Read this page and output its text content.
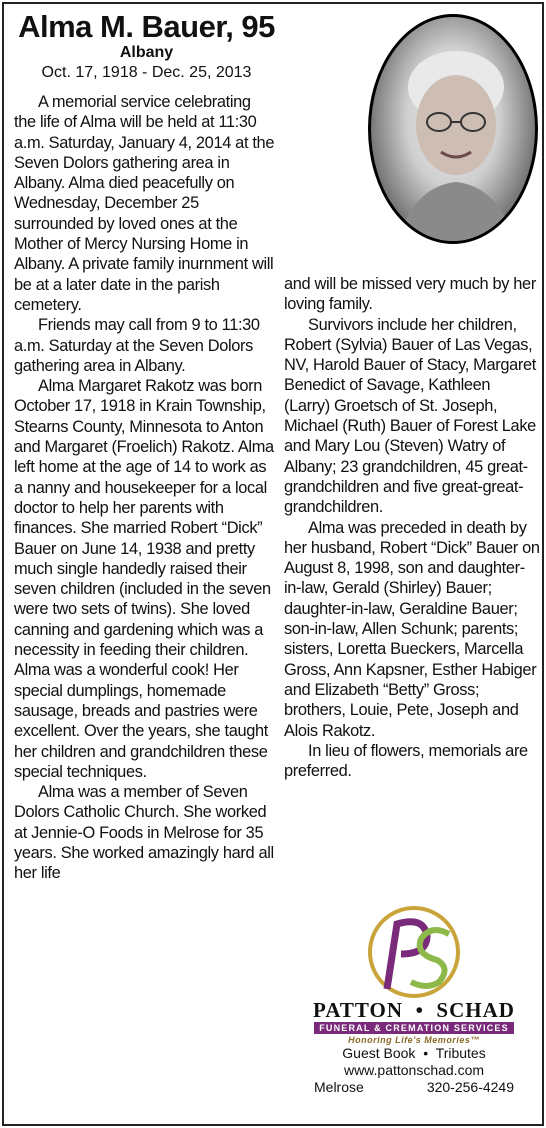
Alma M. Bauer, 95
Albany
Oct. 17, 1918 - Dec. 25, 2013

A memorial service celebrating the life of Alma will be held at 11:30 a.m. Saturday, January 4, 2014 at the Seven Dolors gathering area in Albany. Alma died peacefully on Wednesday, December 25 surrounded by loved ones at the Mother of Mercy Nursing Home in Albany. A private family inurnment will be at a later date in the parish cemetery.

Friends may call from 9 to 11:30 a.m. Saturday at the Seven Dolors gathering area in Albany.

Alma Margaret Rakotz was born October 17, 1918 in Krain Township, Stearns County, Minnesota to Anton and Margaret (Froelich) Rakotz. Alma left home at the age of 14 to work as a nanny and housekeeper for a local doctor to help her parents with finances. She married Robert “Dick” Bauer on June 14, 1938 and pretty much single handedly raised their seven children (included in the seven were two sets of twins). She loved canning and gardening which was a necessity in feeding their children. Alma was a wonderful cook! Her special dumplings, homemade sausage, breads and pastries were excellent. Over the years, she taught her children and grandchildren these special techniques.

Alma was a member of Seven Dolors Catholic Church. She worked at Jennie-O Foods in Melrose for 35 years. She worked amazingly hard all her life

and will be missed very much by her loving family.

Survivors include her children, Robert (Sylvia) Bauer of Las Vegas, NV, Harold Bauer of Stacy, Margaret Benedict of Savage, Kathleen (Larry) Groetsch of St. Joseph, Michael (Ruth) Bauer of Forest Lake and Mary Lou (Steven) Watry of Albany; 23 grandchildren, 45 great-grandchildren and five great-great-grandchildren.

Alma was preceded in death by her husband, Robert “Dick” Bauer on August 8, 1998, son and daughter-in-law, Gerald (Shirley) Bauer; daughter-in-law, Geraldine Bauer; son-in-law, Allen Schunk; parents; sisters, Loretta Bueckers, Marcella Gross, Ann Kapsner, Esther Habiger and Elizabeth “Betty” Gross; brothers, Louie, Pete, Joseph and Alois Rakotz.

In lieu of flowers, memorials are preferred.

PATTON  •  SCHAD
FUNERAL & CREMATION SERVICES
Honoring Life's Memories™
Guest Book  •  Tributes
www.pattonschad.com
Melrose	320-256-4249
